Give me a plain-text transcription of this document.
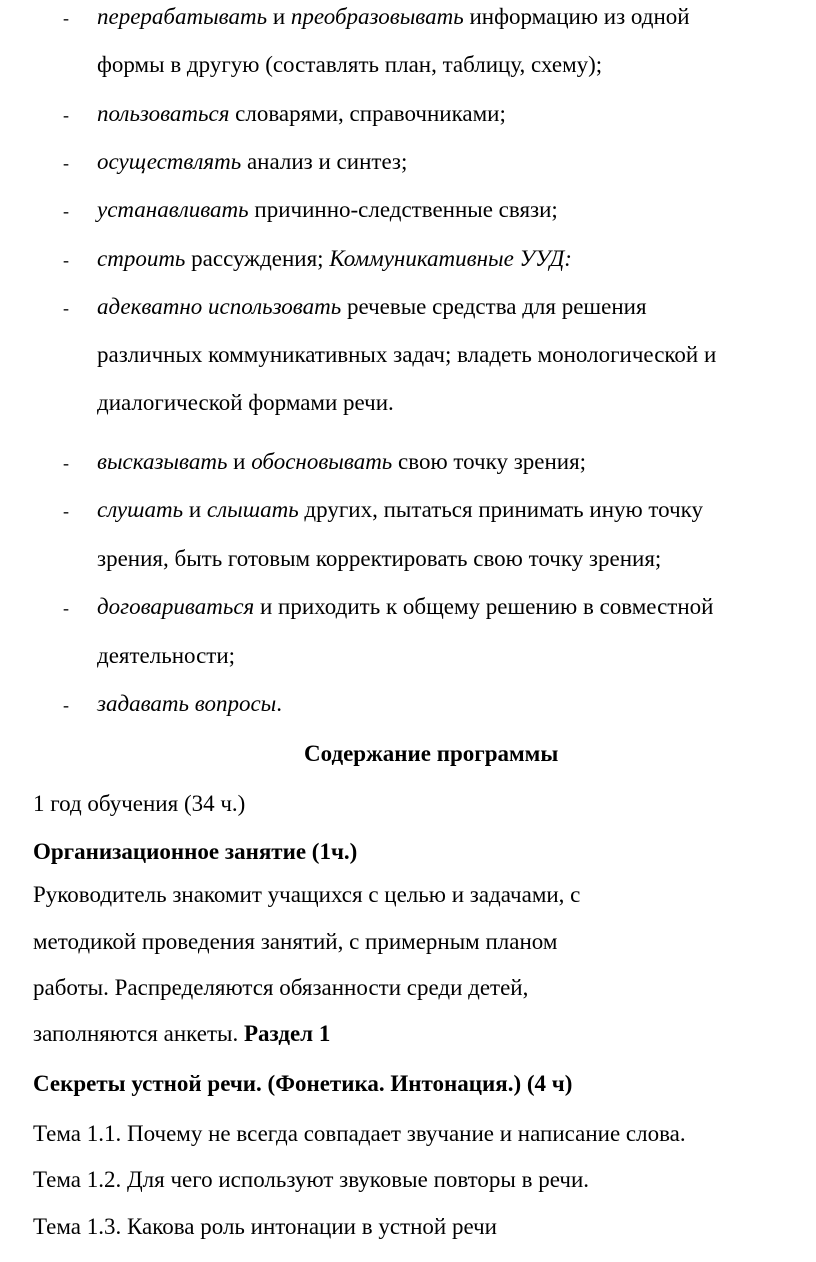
- перерабатывать и преобразовывать информацию из одной
формы в другую (составлять план, таблицу, схему);
- пользоваться словарями, справочниками;
- осуществлять анализ и синтез;
- устанавливать причинно-следственные связи;
- строить рассуждения; Коммуникативные УУД:
- адекватно использовать речевые средства для решения
различных коммуникативных задач; владеть монологической и
диалогической формами речи.
- высказывать и обосновывать свою точку зрения;
- слушать и слышать других, пытаться принимать иную точку
зрения, быть готовым корректировать свою точку зрения;
- договариваться и приходить к общему решению в совместной
деятельности;
- задавать вопросы.
Содержание программы
1 год обучения (34 ч.)
Организационное занятие (1ч.)
Руководитель знакомит учащихся с целью и задачами, с
методикой проведения занятий, с примерным планом
работы. Распределяются обязанности среди детей,
заполняются анкеты. Раздел 1
Секреты устной речи. (Фонетика. Интонация.) (4 ч)
Тема 1.1. Почему не всегда совпадает звучание и написание слова.
Тема 1.2. Для чего используют звуковые повторы в речи.
Тема 1.3. Какова роль интонации в устной речи
